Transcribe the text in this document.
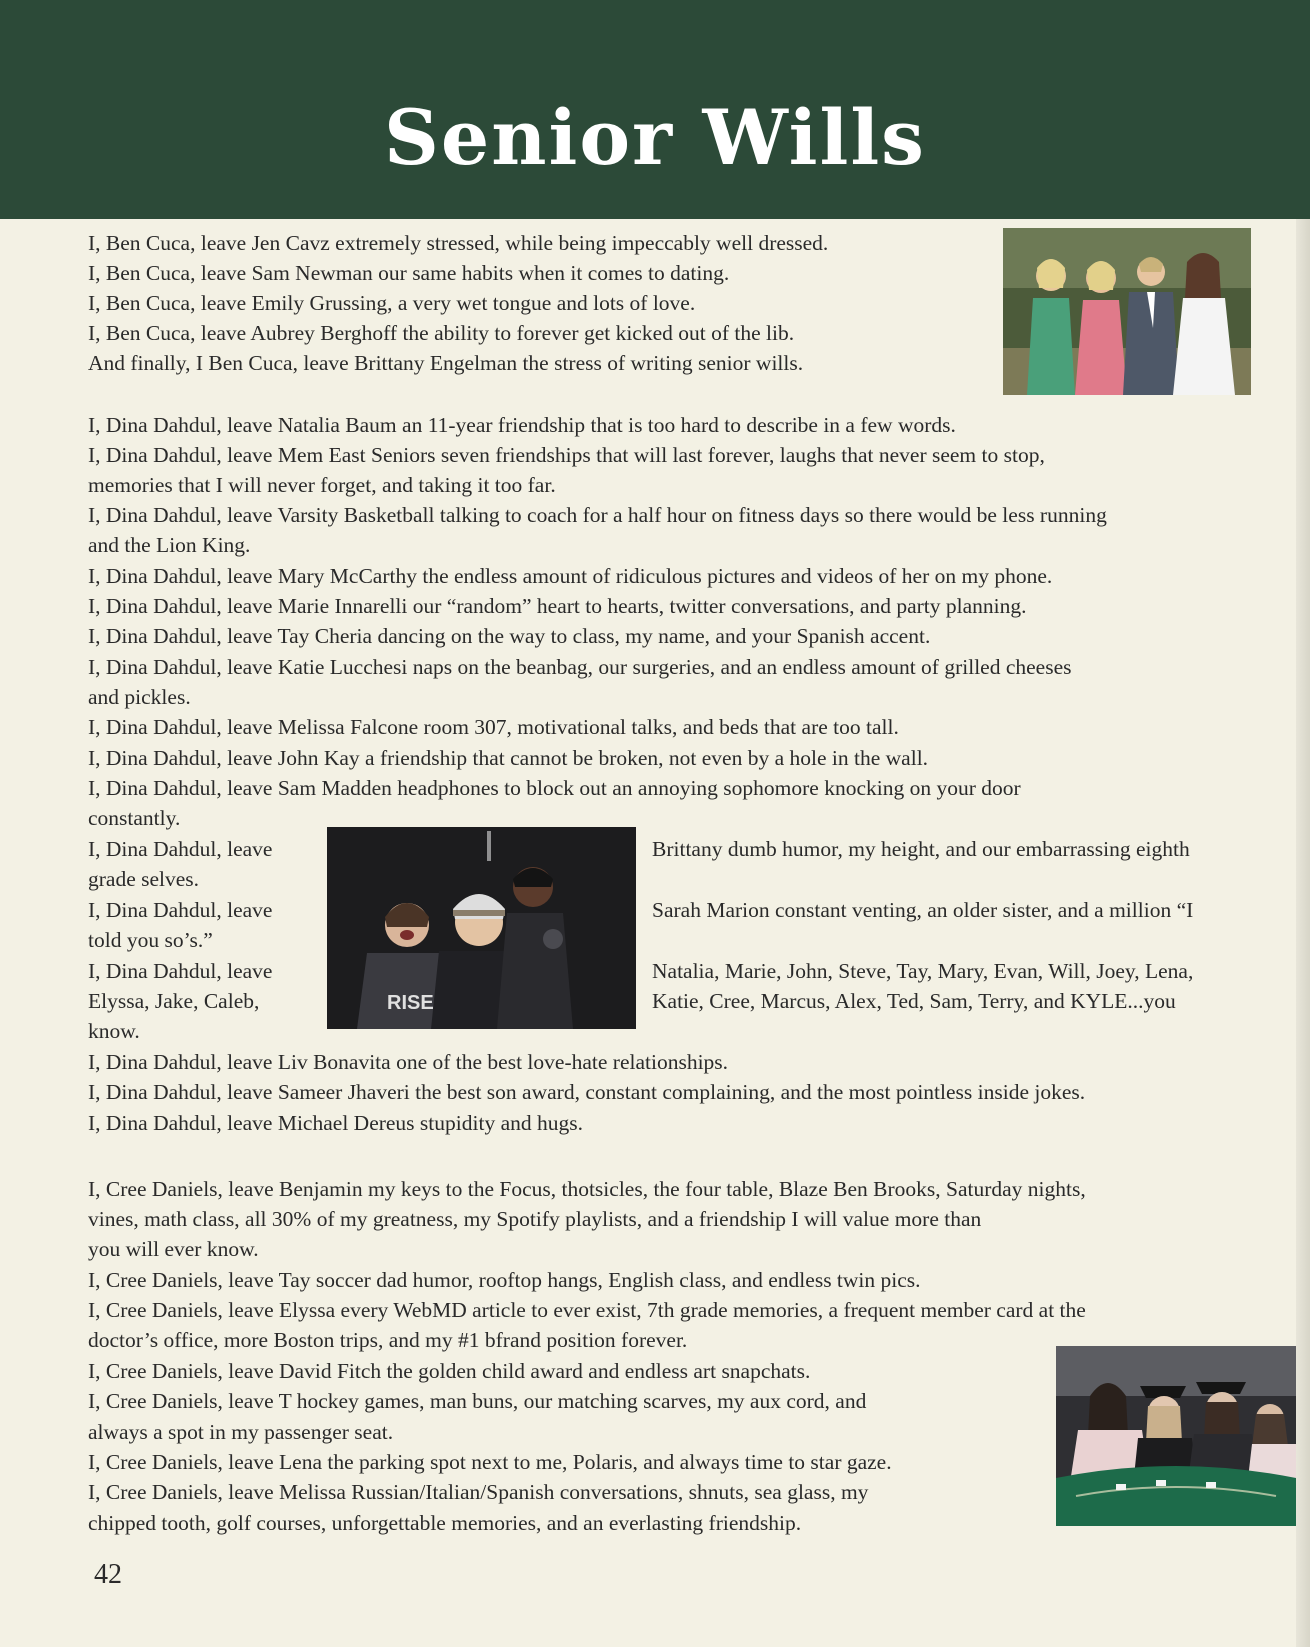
Senior Wills
I, Ben Cuca, leave Jen Cavz extremely stressed, while being impeccably well dressed.
I, Ben Cuca, leave Sam Newman our same habits when it comes to dating.
I, Ben Cuca, leave Emily Grussing, a very wet tongue and lots of love.
I, Ben Cuca, leave Aubrey Berghoff the ability to forever get kicked out of the lib.
And finally, I Ben Cuca, leave Brittany Engelman the stress of writing senior wills.
I, Dina Dahdul, leave Natalia Baum an 11-year friendship that is too hard to describe in a few words.
I, Dina Dahdul, leave Mem East Seniors seven friendships that will last forever, laughs that never seem to stop,
memories that I will never forget, and taking it too far.
I, Dina Dahdul, leave Varsity Basketball talking to coach for a half hour on fitness days so there would be less running
and the Lion King.
I, Dina Dahdul, leave Mary McCarthy the endless amount of ridiculous pictures and videos of her on my phone.
I, Dina Dahdul, leave Marie Innarelli our “random” heart to hearts, twitter conversations, and party planning.
I, Dina Dahdul, leave Tay Cheria dancing on the way to class, my name, and your Spanish accent.
I, Dina Dahdul, leave Katie Lucchesi naps on the beanbag, our surgeries, and an endless amount of grilled cheeses
and pickles.
I, Dina Dahdul, leave Melissa Falcone room 307, motivational talks, and beds that are too tall.
I, Dina Dahdul, leave John Kay a friendship that cannot be broken, not even by a hole in the wall.
I, Dina Dahdul, leave Sam Madden headphones to block out an annoying sophomore knocking on your door
constantly.
I, Dina Dahdul, leave
grade selves.
I, Dina Dahdul, leave
told you so’s.”
I, Dina Dahdul, leave
Elyssa, Jake, Caleb,
know.
Brittany dumb humor, my height, and our embarrassing eighth
Sarah Marion constant venting, an older sister, and a million “I
Natalia, Marie, John, Steve, Tay, Mary, Evan, Will, Joey, Lena,
Katie, Cree, Marcus, Alex, Ted, Sam, Terry, and KYLE...you
I, Dina Dahdul, leave Liv Bonavita one of the best love-hate relationships.
I, Dina Dahdul, leave Sameer Jhaveri the best son award, constant complaining, and the most pointless inside jokes.
I, Dina Dahdul, leave Michael Dereus stupidity and hugs.
RISE
I, Cree Daniels, leave Benjamin my keys to the Focus, thotsicles, the four table, Blaze Ben Brooks, Saturday nights,
vines, math class, all 30% of my greatness, my Spotify playlists, and a friendship I will value more than
you will ever know.
I, Cree Daniels, leave Tay soccer dad humor, rooftop hangs, English class, and endless twin pics.
I, Cree Daniels, leave Elyssa every WebMD article to ever exist, 7th grade memories, a frequent member card at the
doctor’s office, more Boston trips, and my #1 bfrand position forever.
I, Cree Daniels, leave David Fitch the golden child award and endless art snapchats.
I, Cree Daniels, leave T hockey games, man buns, our matching scarves, my aux cord, and
always a spot in my passenger seat.
I, Cree Daniels, leave Lena the parking spot next to me, Polaris, and always time to star gaze.
I, Cree Daniels, leave Melissa Russian/Italian/Spanish conversations, shnuts, sea glass, my
chipped tooth, golf courses, unforgettable memories, and an everlasting friendship.
42
